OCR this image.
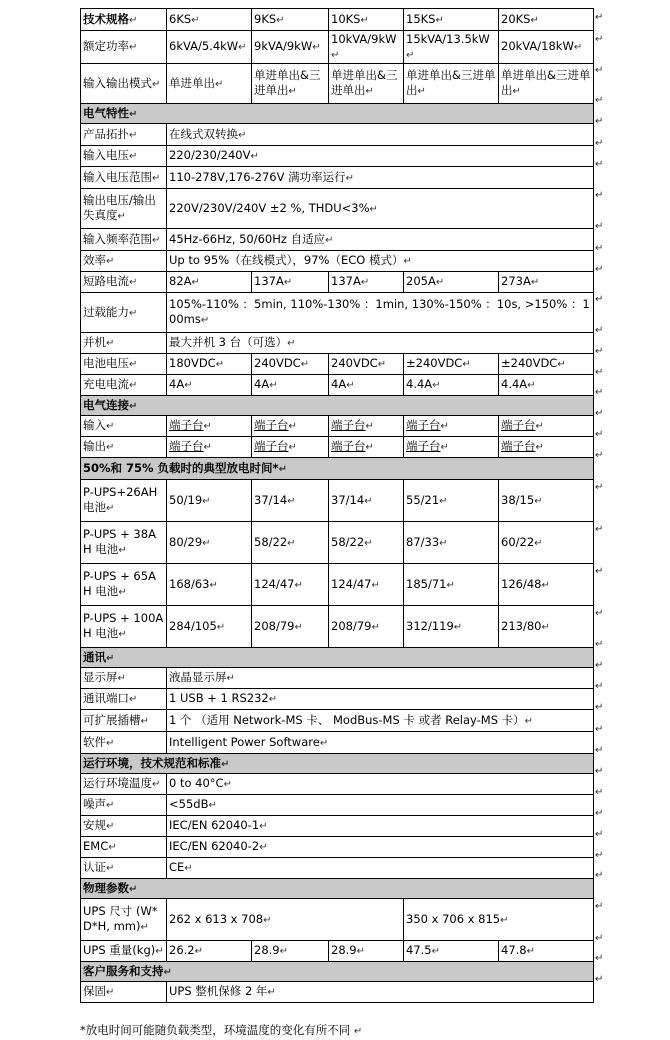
技术规格↵	6KS↵	9KS↵	10KS↵	15KS↵	20KS↵
额定功率↵	6kVA/5.4kW↵	9kVA/9kW↵	10kVA/9kW↵	15kVA/13.5kW↵	20kVA/18kW↵
输入输出模式↵	单进单出↵	单进单出&三进单出↵	单进单出&三进单出↵	单进单出&三进单出↵	单进单出&三进单出↵
电气特性↵					
产品拓扑↵	在线式双转换↵				
输入电压↵	220/230/240V↵				
输入电压范围↵	110-278V,176-276V 满功率运行↵				
输出电压/输出失真度↵	220V/230V/240V ±2 %, THDU<3%↵				
输入频率范围↵	45Hz-66Hz, 50/60Hz 自适应↵				
效率↵	Up to 95%（在线模式），97%（ECO 模式）↵				
短路电流↵	82A↵	137A↵	137A↵	205A↵	273A↵
过载能力↵	105%-110% ：5min, 110%-130% ：1min, 130%-150% ：10s, >150% ：100ms↵				
并机↵	最大并机 3 台（可选）↵				
电池电压↵	180VDC↵	240VDC↵	240VDC↵	±240VDC↵	±240VDC↵
充电电流↵	4A↵	4A↵	4A↵	4.4A↵	4.4A↵
电气连接↵					
输入↵	端子台↵	端子台↵	端子台↵	端子台↵	端子台↵
输出↵	端子台↵	端子台↵	端子台↵	端子台↵	端子台↵
50%和 75% 负载时的典型放电时间*↵					
P-UPS+26AH 电池↵	50/19↵	37/14↵	37/14↵	55/21↵	38/15↵
P-UPS + 38AH 电池↵	80/29↵	58/22↵	58/22↵	87/33↵	60/22↵
P-UPS + 65AH 电池↵	168/63↵	124/47↵	124/47↵	185/71↵	126/48↵
P-UPS + 100AH 电池↵	284/105↵	208/79↵	208/79↵	312/119↵	213/80↵
通讯↵					
显示屏↵	液晶显示屏↵				
通讯端口↵	1 USB + 1 RS232↵				
可扩展插槽↵	1 个 （适用 Network-MS 卡、 ModBus-MS 卡 或者 Relay-MS 卡）↵				
软件↵	Intelligent Power Software↵				
运行环境，技术规范和标准↵					
运行环境温度↵	0 to 40°C↵				
噪声↵	<55dB↵				
安规↵	IEC/EN 62040-1↵				
EMC↵	IEC/EN 62040-2↵				
认证↵	CE↵				
物理参数↵					
UPS 尺寸 (W*D*H, mm)↵	262 x 613 x 708↵			350 x 706 x 815↵	
UPS 重量(kg)↵	26.2↵	28.9↵	28.9↵	47.5↵	47.8↵
客户服务和支持↵					
保固↵	UPS 整机保修 2 年↵				
↵
↵
↵
↵
↵
↵
↵
↵
↵
↵
↵
↵
↵
↵
↵
↵
↵
↵
↵
↵
↵
↵
↵
↵
↵
↵
↵
↵
↵
↵
↵
↵
↵
↵
↵
↵
↵
↵
↵
*放电时间可能随负载类型，环境温度的变化有所不同 ↵
